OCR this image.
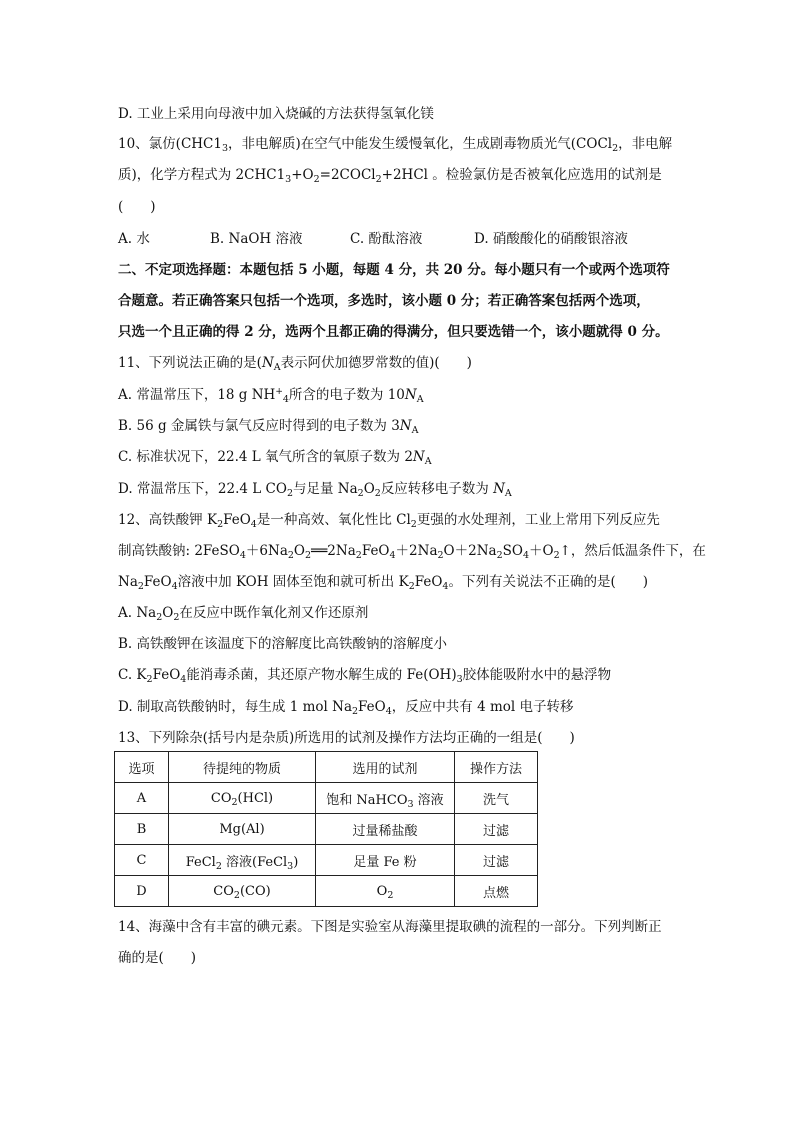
D. 工业上采用向母液中加入烧碱的方法获得氢氧化镁
10、氯仿($CHC1_3$，非电解质)在空气中能发生缓慢氧化，生成剧毒物质光气(COCl$_2$，非电解
质)，化学方程式为 $2CHC1_3+O_2=2COCl_2+2HCl$ 。检验氯仿是否被氧化应选用的试剂是
(　　)
A. 水	B. NaOH 溶液	C. 酚酞溶液	D. 硝酸酸化的硝酸银溶液
二、不定项选择题：本题包括 5 小题，每题 4 分，共 20 分。每小题只有一个或两个选项符
合题意。若正确答案只包括一个选项，多选时，该小题 0 分；若正确答案包括两个选项，
只选一个且正确的得 2 分，选两个且都正确的得满分，但只要选错一个，该小题就得 0 分。
11、下列说法正确的是($N_A$表示阿伏加德罗常数的值)(　　)
A. 常温常压下，18 g $NH^+_4$所含的电子数为 $10N_A$
B. 56 g 金属铁与氯气反应时得到的电子数为 $3N_A$
C. 标准状况下，22.4 L 氧气所含的氧原子数为 $2N_A$
D. 常温常压下，22.4 L $CO_2$与足量 $Na_2O_2$反应转移电子数为 $N_A$
12、高铁酸钾 $K_2FeO_4$是一种高效、氧化性比 $Cl_2$更强的水处理剂，工业上常用下列反应先
制高铁酸钠: $2FeSO_4+6Na_2O_2══2Na_2FeO_4+2Na_2O+2Na_2SO_4+O_2↑$，然后低温条件下，在
$Na_2FeO_4$溶液中加 KOH 固体至饱和就可析出 $K_2FeO_4$。下列有关说法不正确的是(　　)
A. $Na_2O_2$在反应中既作氧化剂又作还原剂
B. 高铁酸钾在该温度下的溶解度比高铁酸钠的溶解度小
C. $K_2FeO_4$能消毒杀菌，其还原产物水解生成的 $Fe(OH)_3$胶体能吸附水中的悬浮物
D. 制取高铁酸钠时，每生成 1 mol $Na_2FeO_4$，反应中共有 4 mol 电子转移
13、下列除杂(括号内是杂质)所选用的试剂及操作方法均正确的一组是(　　)
选项	待提纯的物质	选用的试剂	操作方法
A	$CO_2(HCl)$	饱和 NaHCO$_3$ 溶液	洗气
B	Mg(Al)	过量稀盐酸	过滤
C	FeCl$_2$ 溶液(FeCl$_3$)	足量 Fe 粉	过滤
D	$CO_2(CO)$	$O_2$	点燃
14、海藻中含有丰富的碘元素。下图是实验室从海藻里提取碘的流程的一部分。下列判断正
确的是(　　)
